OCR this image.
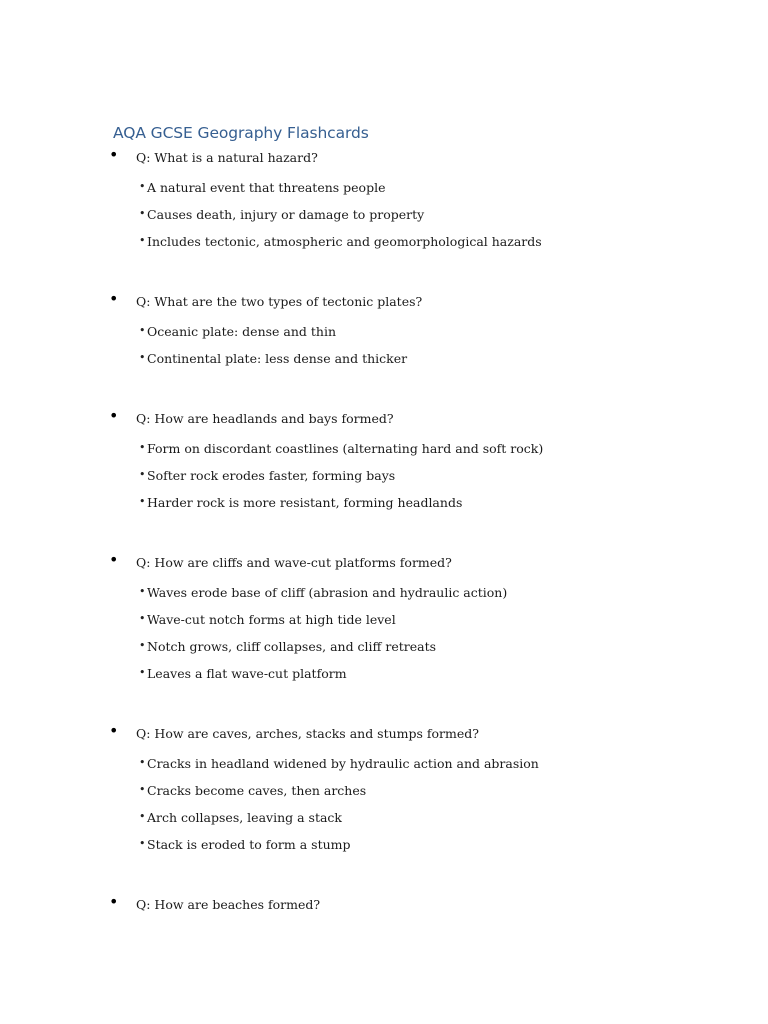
AQA GCSE Geography Flashcards
• Q: What is a natural hazard?
• A natural event that threatens people
• Causes death, injury or damage to property
• Includes tectonic, atmospheric and geomorphological hazards
• Q: What are the two types of tectonic plates?
• Oceanic plate: dense and thin
• Continental plate: less dense and thicker
• Q: How are headlands and bays formed?
• Form on discordant coastlines (alternating hard and soft rock)
• Softer rock erodes faster, forming bays
• Harder rock is more resistant, forming headlands
• Q: How are cliffs and wave-cut platforms formed?
• Waves erode base of cliff (abrasion and hydraulic action)
• Wave-cut notch forms at high tide level
• Notch grows, cliff collapses, and cliff retreats
• Leaves a flat wave-cut platform
• Q: How are caves, arches, stacks and stumps formed?
• Cracks in headland widened by hydraulic action and abrasion
• Cracks become caves, then arches
• Arch collapses, leaving a stack
• Stack is eroded to form a stump
• Q: How are beaches formed?
